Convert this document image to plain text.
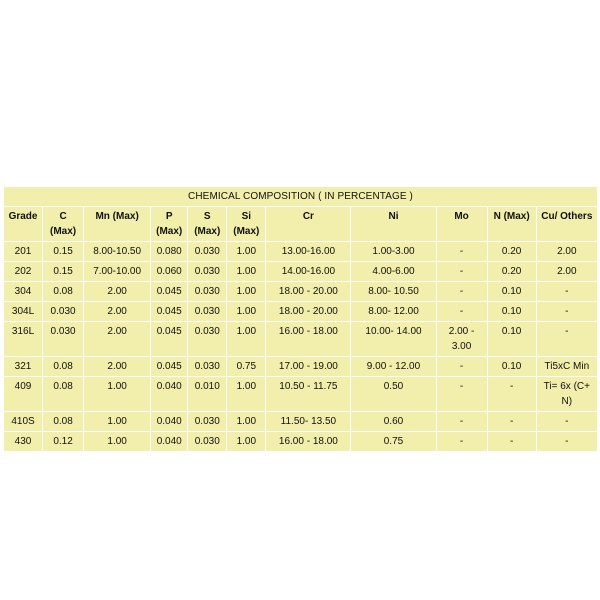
CHEMICAL COMPOSITION ( IN PERCENTAGE )										
Grade	C (Max)	Mn (Max)	P (Max)	S (Max)	Si (Max)	Cr	Ni	Mo	N (Max)	Cu/ Others
201	0.15	8.00-10.50	0.080	0.030	1.00	13.00-16.00	1.00-3.00	-	0.20	2.00
202	0.15	7.00-10.00	0.060	0.030	1.00	14.00-16.00	4.00-6.00	-	0.20	2.00
304	0.08	2.00	0.045	0.030	1.00	18.00 - 20.00	8.00- 10.50	-	0.10	-
304L	0.030	2.00	0.045	0.030	1.00	18.00 - 20.00	8.00- 12.00	-	0.10	-
316L	0.030	2.00	0.045	0.030	1.00	16.00 - 18.00	10.00- 14.00	2.00 - 3.00	0.10	-
321	0.08	2.00	0.045	0.030	0.75	17.00 - 19.00	9.00 - 12.00	-	0.10	Ti5xC Min
409	0.08	1.00	0.040	0.010	1.00	10.50 - 11.75	0.50	-	-	Ti= 6x (C+ N)
410S	0.08	1.00	0.040	0.030	1.00	11.50- 13.50	0.60	-	-	-
430	0.12	1.00	0.040	0.030	1.00	16.00 - 18.00	0.75	-	-	-
